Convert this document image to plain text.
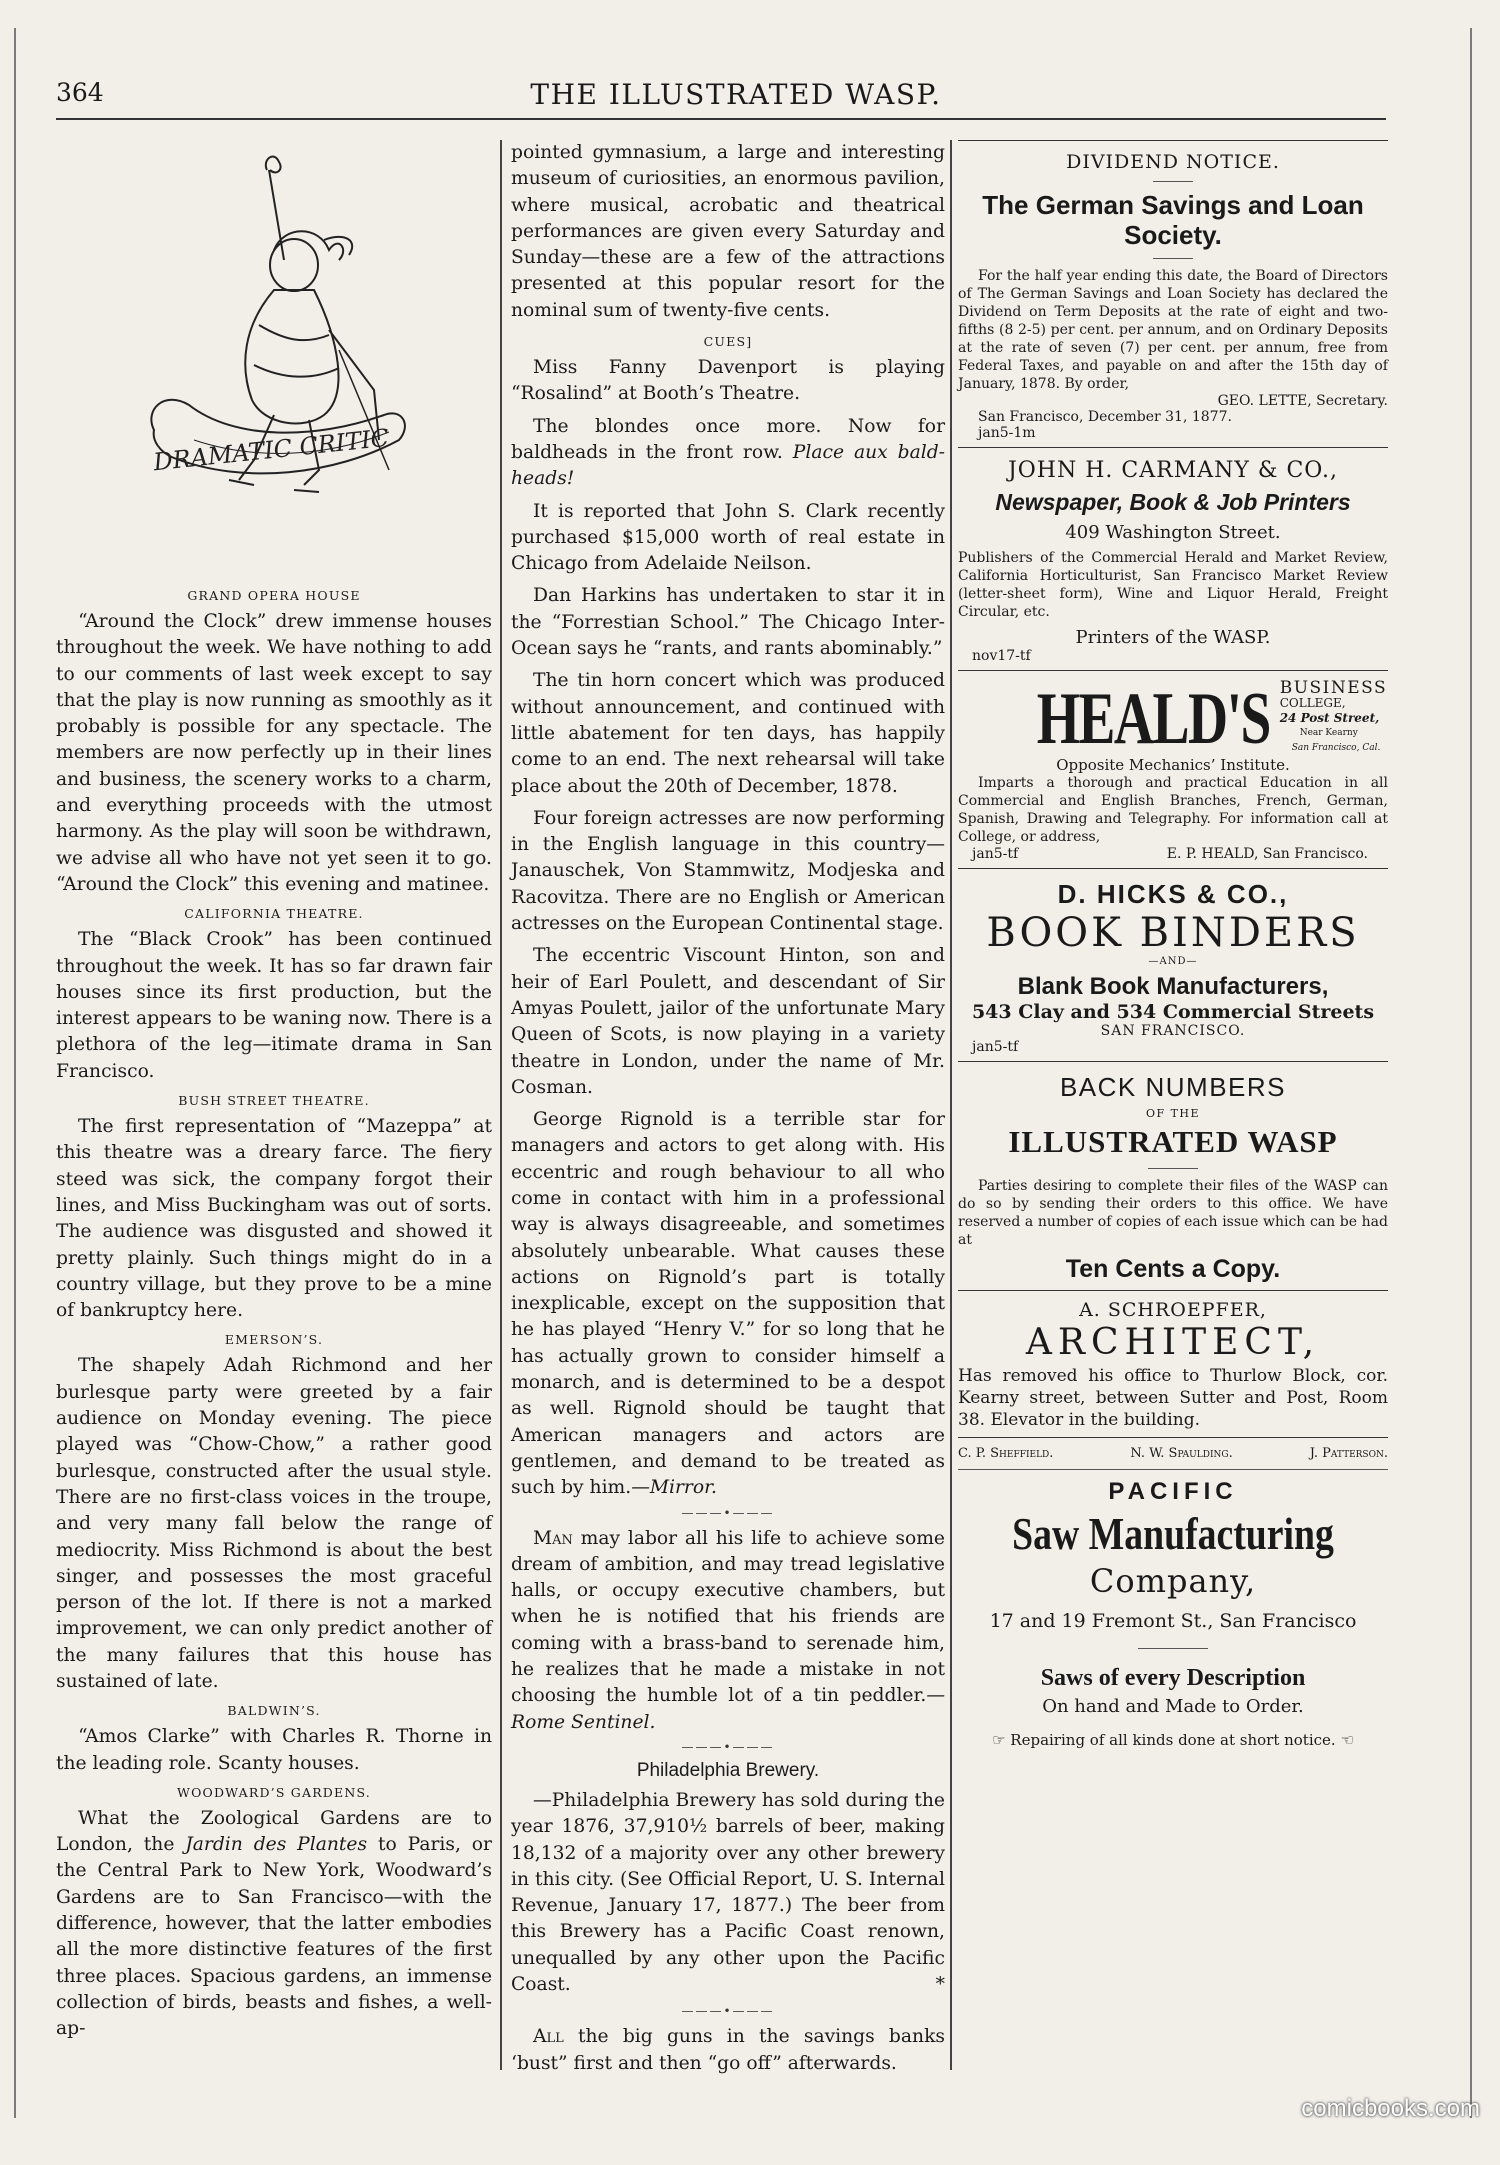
364	THE ILLUSTRATED WASP.
DRAMATIC CRITIC
GRAND OPERA HOUSE

“Around the Clock” drew immense houses throughout the week. We have nothing to add to our comments of last week except to say that the play is now running as smoothly as it probably is possible for any spectacle. The members are now perfectly up in their lines and business, the scenery works to a charm, and everything proceeds with the utmost harmony. As the play will soon be withdrawn, we advise all who have not yet seen it to go. “Around the Clock” this evening and matinee.

CALIFORNIA THEATRE.

The “Black Crook” has been continued throughout the week. It has so far drawn fair houses since its first production, but the interest appears to be waning now. There is a plethora of the leg—itimate drama in San Francisco.

BUSH STREET THEATRE.

The first representation of “Mazeppa” at this theatre was a dreary farce. The fiery steed was sick, the company forgot their lines, and Miss Buckingham was out of sorts. The audience was disgusted and showed it pretty plainly. Such things might do in a country village, but they prove to be a mine of bankruptcy here.

EMERSON’S.

The shapely Adah Richmond and her burlesque party were greeted by a fair audience on Monday evening. The piece played was “Chow-Chow,” a rather good burlesque, constructed after the usual style. There are no first-class voices in the troupe, and very many fall below the range of mediocrity. Miss Richmond is about the best singer, and possesses the most graceful person of the lot. If there is not a marked improvement, we can only predict another of the many failures that this house has sustained of late.

BALDWIN’S.

“Amos Clarke” with Charles R. Thorne in the leading role. Scanty houses.

WOODWARD’S GARDENS.

What the Zoological Gardens are to London, the Jardin des Plantes to Paris, or the Central Park to New York, Woodward’s Gardens are to San Francisco—with the difference, however, that the latter embodies all the more distinctive features of the first three places. Spacious gardens, an immense collection of birds, beasts and fishes, a well-ap-

pointed gymnasium, a large and interesting museum of curiosities, an enormous pavilion, where musical, acrobatic and theatrical performances are given every Saturday and Sunday—these are a few of the attractions presented at this popular resort for the nominal sum of twenty-five cents.

CUES]

Miss Fanny Davenport is playing “Rosalind” at Booth’s Theatre.

The blondes once more. Now for baldheads in the front row. Place aux bald-heads!

It is reported that John S. Clark recently purchased $15,000 worth of real estate in Chicago from Adelaide Neilson.

Dan Harkins has undertaken to star it in the “Forrestian School.” The Chicago Inter-Ocean says he “rants, and rants abominably.”

The tin horn concert which was produced without announcement, and continued with little abatement for ten days, has happily come to an end. The next rehearsal will take place about the 20th of December, 1878.

Four foreign actresses are now performing in the English language in this country—Janauschek, Von Stammwitz, Modjeska and Racovitza. There are no English or American actresses on the European Continental stage.

The eccentric Viscount Hinton, son and heir of Earl Poulett, and descendant of Sir Amyas Poulett, jailor of the unfortunate Mary Queen of Scots, is now playing in a variety theatre in London, under the name of Mr. Cosman.

George Rignold is a terrible star for managers and actors to get along with. His eccentric and rough behaviour to all who come in contact with him in a professional way is always disagreeable, and sometimes absolutely unbearable. What causes these actions on Rignold’s part is totally inexplicable, except on the supposition that he has played “Henry V.” for so long that he has actually grown to consider himself a monarch, and is determined to be a despot as well. Rignold should be taught that American managers and actors are gentlemen, and demand to be treated as such by him.—Mirror.

———•———

Man may labor all his life to achieve some dream of ambition, and may tread legislative halls, or occupy executive chambers, but when he is notified that his friends are coming with a brass-band to serenade him, he realizes that he made a mistake in not choosing the humble lot of a tin peddler.—Rome Sentinel.

———•———
Philadelphia Brewery.

—Philadelphia Brewery has sold during the year 1876, 37,910½ barrels of beer, making 18,132 of a majority over any other brewery in this city. (See Official Report, U. S. Internal Revenue, January 17, 1877.) The beer from this Brewery has a Pacific Coast renown, unequalled by any other upon the Pacific Coast.	*

———•———

All the big guns in the savings banks ‘bust” first and then “go off” afterwards.

DIVIDEND NOTICE.
The German Savings and Loan Society.

For the half year ending this date, the Board of Directors of The German Savings and Loan Society has declared the Dividend on Term Deposits at the rate of eight and two-fifths (8 2-5) per cent. per annum, and on Ordinary Deposits at the rate of seven (7) per cent. per annum, free from Federal Taxes, and payable on and after the 15th day of January, 1878. By order,

GEO. LETTE, Secretary.
San Francisco, December 31, 1877.
jan5-1m
JOHN H. CARMANY & CO.,
Newspaper, Book & Job Printers
409 Washington Street.

Publishers of the Commercial Herald and Market Review, California Horticulturist, San Francisco Market Review (letter-sheet form), Wine and Liquor Herald, Freight Circular, etc.

Printers of the WASP.
nov17-tf
HEALD'S BUSINESS
COLLEGE,
24 Post Street,
Near Kearny
San Francisco, Cal.
Opposite Mechanics’ Institute.

Imparts a thorough and practical Education in all Commercial and English Branches, French, German, Spanish, Drawing and Telegraphy. For information call at College, or address,

jan5-tf	E. P. HEALD, San Francisco.
D. HICKS & CO.,
BOOK BINDERS
—AND—
Blank Book Manufacturers,
543 Clay and 534 Commercial Streets
SAN FRANCISCO.
jan5-tf
BACK NUMBERS
OF THE
ILLUSTRATED WASP

Parties desiring to complete their files of the WASP can do so by sending their orders to this office. We have reserved a number of copies of each issue which can be had at

Ten Cents a Copy.
A. SCHROEPFER,
ARCHITECT,

Has removed his office to Thurlow Block, cor. Kearny street, between Sutter and Post, Room 38. Elevator in the building.

C. P. Sheffield.	N. W. Spaulding.	J. Patterson.
PACIFIC
Saw Manufacturing
Company,
17 and 19 Fremont St., San Francisco
Saws of every Description
On hand and Made to Order.
☞ Repairing of all kinds done at short notice. ☜
comicbooks.com
